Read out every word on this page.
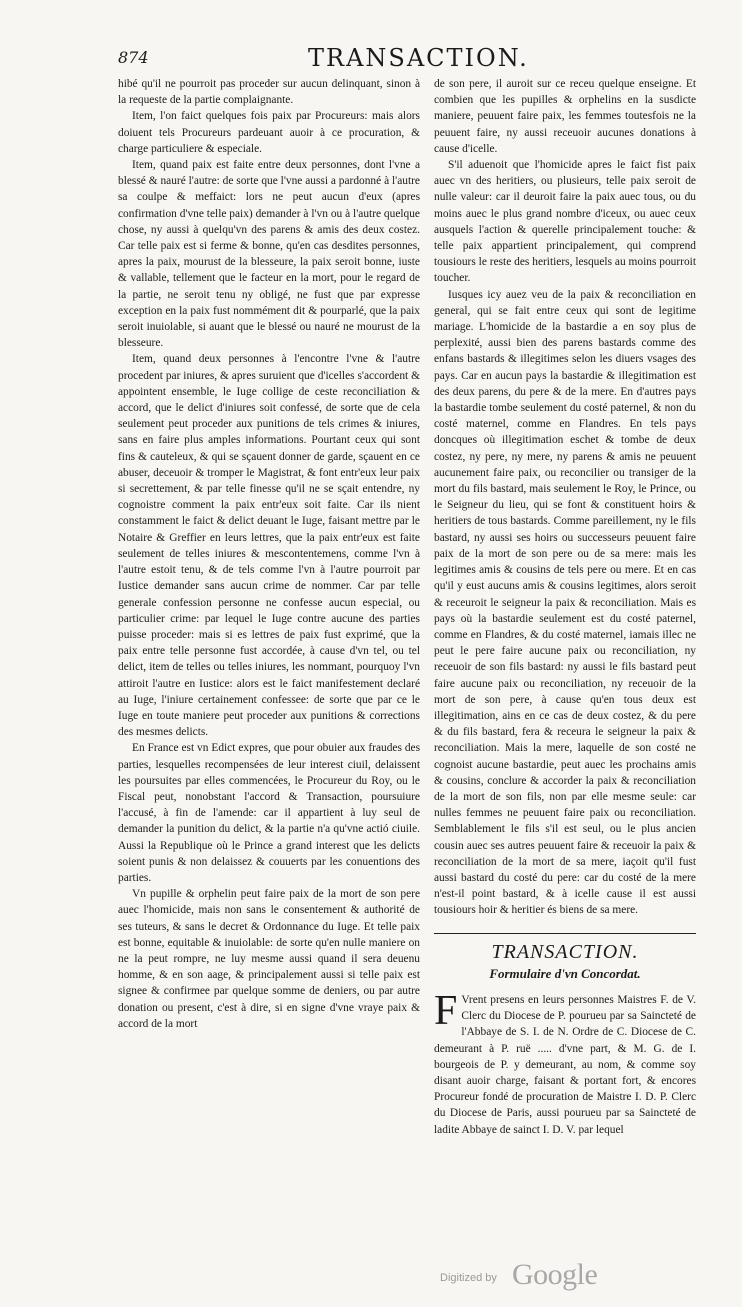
874	TRANSACTION.

hibé qu'il ne pourroit pas proceder sur aucun delinquant, sinon à la requeste de la partie complaignante.

Item, l'on faict quelques fois paix par Procureurs: mais alors doiuent tels Procureurs pardeuant auoir à ce procuration, & charge particuliere & especiale.

Item, quand paix est faite entre deux personnes, dont l'vne a blessé & nauré l'autre: de sorte que l'vne aussi a pardonné à l'autre sa coulpe & meffaict: lors ne peut aucun d'eux (apres confirmation d'vne telle paix) demander à l'vn ou à l'autre quelque chose, ny aussi à quelqu'vn des parens & amis des deux costez. Car telle paix est si ferme & bonne, qu'en cas desdites personnes, apres la paix, mourust de la blesseure, la paix seroit bonne, iuste & vallable, tellement que le facteur en la mort, pour le regard de la partie, ne seroit tenu ny obligé, ne fust que par expresse exception en la paix fust nommément dit & pourparlé, que la paix seroit inuiolable, si auant que le blessé ou nauré ne mourust de la blesseure.

Item, quand deux personnes à l'encontre l'vne & l'autre procedent par iniures, & apres suruient que d'icelles s'accordent & appointent ensemble, le Iuge collige de ceste reconciliation & accord, que le delict d'iniures soit confessé, de sorte que de cela seulement peut proceder aux punitions de tels crimes & iniures, sans en faire plus amples informations. Pourtant ceux qui sont fins & cauteleux, & qui se sçauent donner de garde, sçauent en ce abuser, deceuoir & tromper le Magistrat, & font entr'eux leur paix si secrettement, & par telle finesse qu'il ne se sçait entendre, ny cognoistre comment la paix entr'eux soit faite. Car ils nient constamment le faict & delict deuant le Iuge, faisant mettre par le Notaire & Greffier en leurs lettres, que la paix entr'eux est faite seulement de telles iniures & mescontentemens, comme l'vn à l'autre estoit tenu, & de tels comme l'vn à l'autre pourroit par Iustice demander sans aucun crime de nommer. Car par telle generale confession personne ne confesse aucun especial, ou particulier crime: par lequel le Iuge contre aucune des parties puisse proceder: mais si es lettres de paix fust exprimé, que la paix entre telle personne fust accordée, à cause d'vn tel, ou tel delict, item de telles ou telles iniures, les nommant, pourquoy l'vn attiroit l'autre en Iustice: alors est le faict manifestement declaré au Iuge, l'iniure certainement confessee: de sorte que par ce le Iuge en toute maniere peut proceder aux punitions & corrections des mesmes delicts.

En France est vn Edict expres, que pour obuier aux fraudes des parties, lesquelles recompensées de leur interest ciuil, delaissent les poursuites par elles commencées, le Procureur du Roy, ou le Fiscal peut, nonobstant l'accord & Transaction, poursuiure l'accusé, à fin de l'amende: car il appartient à luy seul de demander la punition du delict, & la partie n'a qu'vne actió ciuile. Aussi la Republique où le Prince a grand interest que les delicts soient punis & non delaissez & couuerts par les conuentions des parties.

Vn pupille & orphelin peut faire paix de la mort de son pere auec l'homicide, mais non sans le consentement & authorité de ses tuteurs, & sans le decret & Ordonnance du Iuge. Et telle paix est bonne, equitable & inuiolable: de sorte qu'en nulle maniere on ne la peut rompre, ne luy mesme aussi quand il sera deuenu homme, & en son aage, & principalement aussi si telle paix est signee & confirmee par quelque somme de deniers, ou par autre donation ou present, c'est à dire, si en signe d'vne vraye paix & accord de la mort

de son pere, il auroit sur ce receu quelque enseigne. Et combien que les pupilles & orphelins en la susdicte maniere, peuuent faire paix, les femmes toutesfois ne la peuuent faire, ny aussi receuoir aucunes donations à cause d'icelle.

S'il aduenoit que l'homicide apres le faict fist paix auec vn des heritiers, ou plusieurs, telle paix seroit de nulle valeur: car il deuroit faire la paix auec tous, ou du moins auec le plus grand nombre d'iceux, ou auec ceux ausquels l'action & querelle principalement touche: & telle paix appartient principalement, qui comprend tousiours le reste des heritiers, lesquels au moins pourroit toucher.

Iusques icy auez veu de la paix & reconciliation en general, qui se fait entre ceux qui sont de legitime mariage. L'homicide de la bastardie a en soy plus de perplexité, aussi bien des parens bastards comme des enfans bastards & illegitimes selon les diuers vsages des pays. Car en aucun pays la bastardie & illegitimation est des deux parens, du pere & de la mere. En d'autres pays la bastardie tombe seulement du costé paternel, & non du costé maternel, comme en Flandres. En tels pays doncques où illegitimation eschet & tombe de deux costez, ny pere, ny mere, ny parens & amis ne peuuent aucunement faire paix, ou reconcilier ou transiger de la mort du fils bastard, mais seulement le Roy, le Prince, ou le Seigneur du lieu, qui se font & constituent hoirs & heritiers de tous bastards. Comme pareillement, ny le fils bastard, ny aussi ses hoirs ou successeurs peuuent faire paix de la mort de son pere ou de sa mere: mais les legitimes amis & cousins de tels pere ou mere. Et en cas qu'il y eust aucuns amis & cousins legitimes, alors seroit & receuroit le seigneur la paix & reconciliation. Mais es pays où la bastardie seulement est du costé paternel, comme en Flandres, & du costé maternel, iamais illec ne peut le pere faire aucune paix ou reconciliation, ny receuoir de son fils bastard: ny aussi le fils bastard peut faire aucune paix ou reconciliation, ny receuoir de la mort de son pere, à cause qu'en tous deux est illegitimation, ains en ce cas de deux costez, & du pere & du fils bastard, fera & receura le seigneur la paix & reconciliation. Mais la mere, laquelle de son costé ne cognoist aucune bastardie, peut auec les prochains amis & cousins, conclure & accorder la paix & reconciliation de la mort de son fils, non par elle mesme seule: car nulles femmes ne peuuent faire paix ou reconciliation. Semblablement le fils s'il est seul, ou le plus ancien cousin auec ses autres peuuent faire & receuoir la paix & reconciliation de la mort de sa mere, iaçoit qu'il fust aussi bastard du costé du pere: car du costé de la mere n'est-il point bastard, & à icelle cause il est aussi tousiours hoir & heritier és biens de sa mere.

TRANSACTION.
Formulaire d'vn Concordat.

F Vrent presens en leurs personnes Maistres F. de V. Clerc du Diocese de P. pourueu par sa Saincteté de l'Abbaye de S. I. de N. Ordre de C. Diocese de C. demeurant à P. ruë ..... d'vne part, & M. G. de I. bourgeois de P. y demeurant, au nom, & comme soy disant auoir charge, faisant & portant fort, & encores Procureur fondé de procuration de Maistre I. D. P. Clerc du Diocese de Paris, aussi pourueu par sa Saincteté de ladite Abbaye de sainct I. D. V. par lequel

Digitized by Google
